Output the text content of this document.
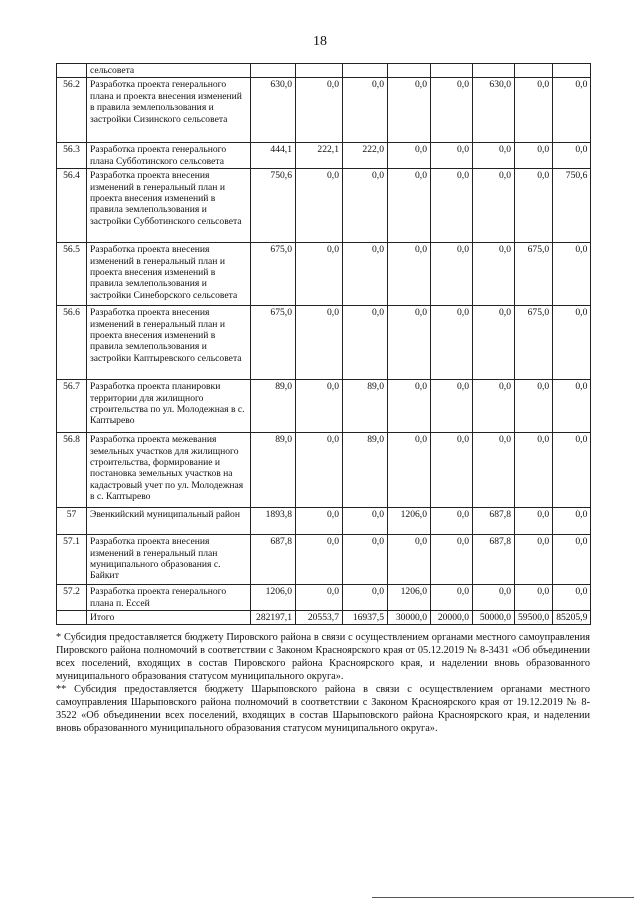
18
	сельсовета								
56.2	Разработка проекта генерального плана и проекта внесения изменений в правила землепользования и застройки Сизинского сельсовета	630,0	0,0	0,0	0,0	0,0	630,0	0,0	0,0
56.3	Разработка проекта генерального плана Субботинского сельсовета	444,1	222,1	222,0	0,0	0,0	0,0	0,0	0,0
56.4	Разработка проекта внесения изменений в генеральный план и проекта внесения изменений в правила землепользования и застройки Субботинского сельсовета	750,6	0,0	0,0	0,0	0,0	0,0	0,0	750,6
56.5	Разработка проекта внесения изменений в генеральный план и проекта внесения изменений в правила землепользования и застройки Синеборского сельсовета	675,0	0,0	0,0	0,0	0,0	0,0	675,0	0,0
56.6	Разработка проекта внесения изменений в генеральный план и проекта внесения изменений в правила землепользования и застройки Каптыревского сельсовета	675,0	0,0	0,0	0,0	0,0	0,0	675,0	0,0
56.7	Разработка проекта планировки территории для жилищного строительства по ул. Молодежная в с. Каптырево	89,0	0,0	89,0	0,0	0,0	0,0	0,0	0,0
56.8	Разработка проекта межевания земельных участков для жилищного строительства, формирование и постановка земельных участков на кадастровый учет по ул. Молодежная в с. Каптырево	89,0	0,0	89,0	0,0	0,0	0,0	0,0	0,0
57	Эвенкийский муниципальный район	1893,8	0,0	0,0	1206,0	0,0	687,8	0,0	0,0
57.1	Разработка проекта внесения изменений в генеральный план муниципального образования с. Байкит	687,8	0,0	0,0	0,0	0,0	687,8	0,0	0,0
57.2	Разработка проекта генерального плана п. Ессей	1206,0	0,0	0,0	1206,0	0,0	0,0	0,0	0,0
	Итого	282197,1	20553,7	16937,5	30000,0	20000,0	50000,0	59500,0	85205,9

* Субсидия предоставляется бюджету Пировского района в связи с осуществлением органами местного самоуправления Пировского района полномочий в соответствии с Законом Красноярского края от 05.12.2019 № 8-3431 «Об объединении всех поселений, входящих в состав Пировского района Красноярского края, и наделении вновь образованного муниципального образования статусом муниципального округа».

** Субсидия предоставляется бюджету Шарыповского района в связи с осуществлением органами местного самоуправления Шарыповского района полномочий в соответствии с Законом Красноярского края от 19.12.2019 № 8-3522 «Об объединении всех поселений, входящих в состав Шарыповского района Красноярского края, и наделении вновь образованного муниципального образования статусом муниципального округа».
